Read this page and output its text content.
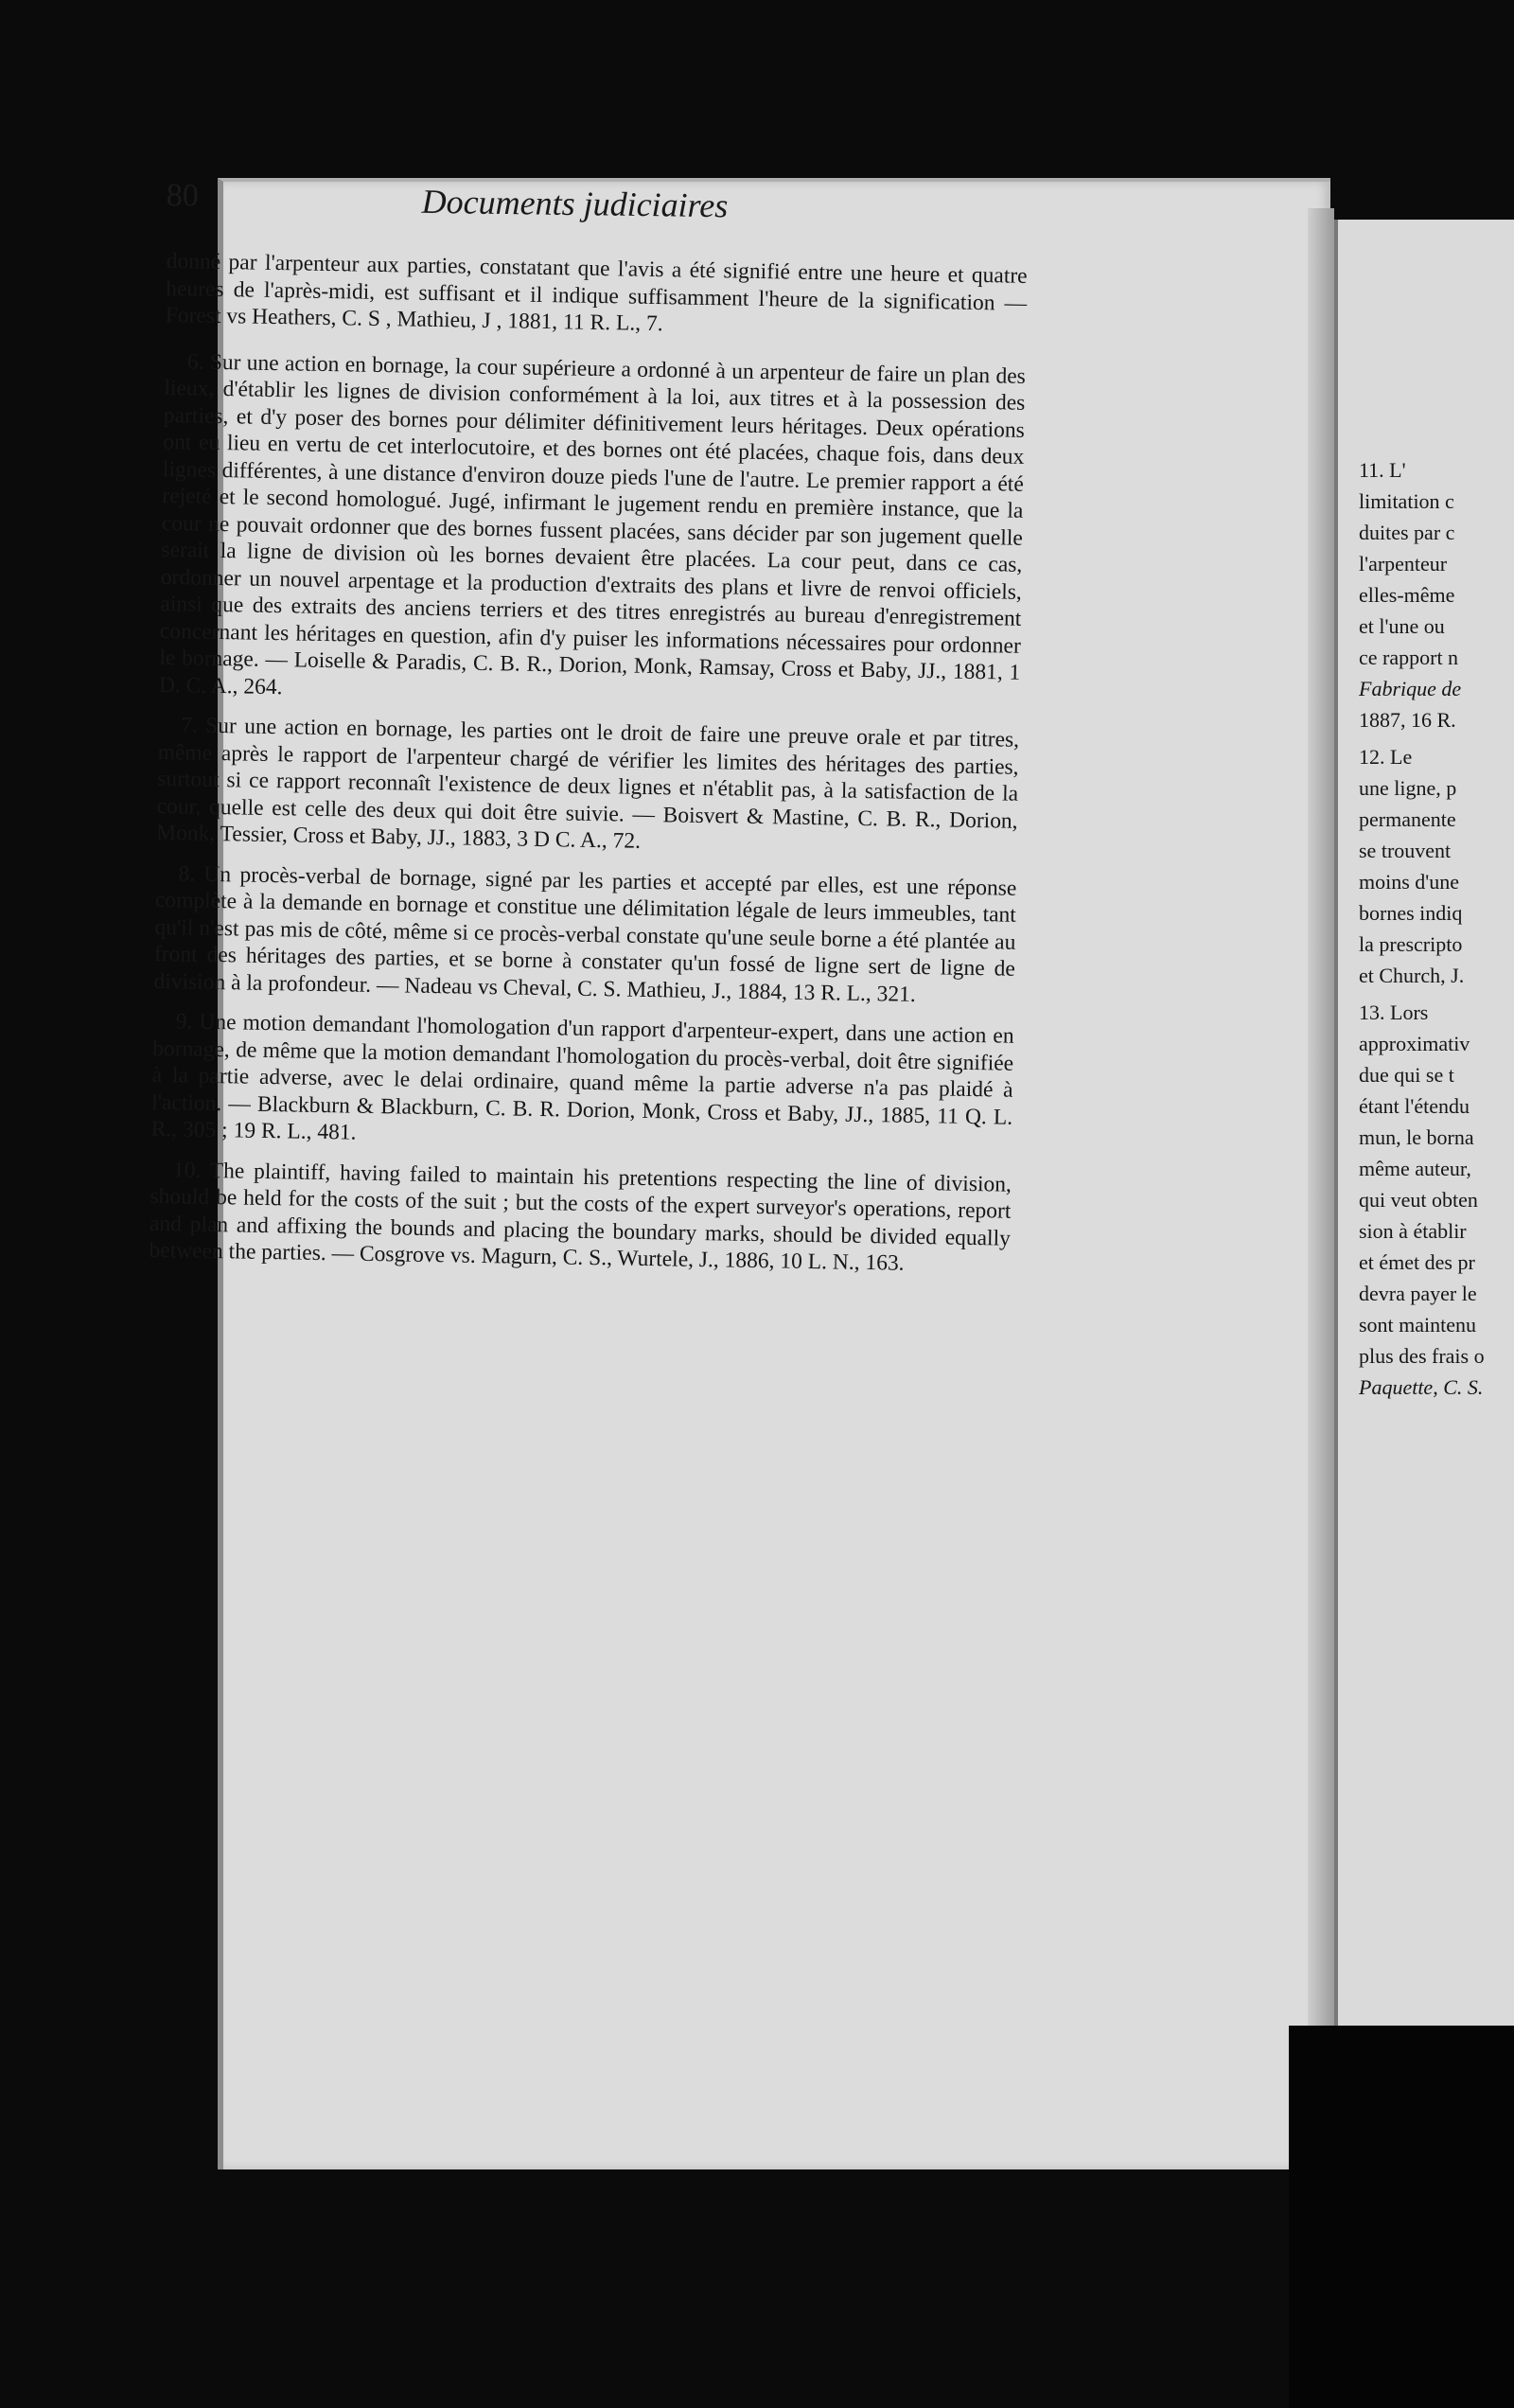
80	Documents judiciaires

donné par l'arpenteur aux parties, constatant que l'avis a été signifié entre une heure et quatre heures de l'après-midi, est suffisant et il indique suffisamment l'heure de la signification — Forest vs Heathers, C. S , Mathieu, J , 1881, 11 R. L., 7.

6. Sur une action en bornage, la cour supérieure a ordonné à un arpenteur de faire un plan des lieux, d'établir les lignes de division conformément à la loi, aux titres et à la possession des parties, et d'y poser des bornes pour délimiter définitivement leurs héritages. Deux opérations ont eu lieu en vertu de cet interlocutoire, et des bornes ont été placées, chaque fois, dans deux lignes différentes, à une distance d'environ douze pieds l'une de l'autre. Le premier rapport a été rejeté et le second homologué. Jugé, infirmant le jugement rendu en première instance, que la cour ne pouvait ordonner que des bornes fussent placées, sans décider par son jugement quelle serait la ligne de division où les bornes devaient être placées. La cour peut, dans ce cas, ordonner un nouvel arpentage et la production d'extraits des plans et livre de renvoi officiels, ainsi que des extraits des anciens terriers et des titres enregistrés au bureau d'enregistrement concernant les héritages en question, afin d'y puiser les informations nécessaires pour ordonner le bornage. — Loiselle & Paradis, C. B. R., Dorion, Monk, Ramsay, Cross et Baby, JJ., 1881, 1 D. C. A., 264.

7. Sur une action en bornage, les parties ont le droit de faire une preuve orale et par titres, même après le rapport de l'arpenteur chargé de vérifier les limites des héritages des parties, surtout si ce rapport reconnaît l'existence de deux lignes et n'établit pas, à la satisfaction de la cour, quelle est celle des deux qui doit être suivie. — Boisvert & Mastine, C. B. R., Dorion, Monk, Tessier, Cross et Baby, JJ., 1883, 3 D C. A., 72.

8. Un procès-verbal de bornage, signé par les parties et accepté par elles, est une réponse complète à la demande en bornage et constitue une délimitation légale de leurs immeubles, tant qu'il n'est pas mis de côté, même si ce procès-verbal constate qu'une seule borne a été plantée au front des héritages des parties, et se borne à constater qu'un fossé de ligne sert de ligne de division à la profondeur. — Nadeau vs Cheval, C. S. Mathieu, J., 1884, 13 R. L., 321.

9. Une motion demandant l'homologation d'un rapport d'arpenteur-expert, dans une action en bornage, de même que la motion demandant l'homologation du procès-verbal, doit être signifiée à la partie adverse, avec le delai ordinaire, quand même la partie adverse n'a pas plaidé à l'action. — Blackburn & Blackburn, C. B. R. Dorion, Monk, Cross et Baby, JJ., 1885, 11 Q. L. R., 305 ; 19 R. L., 481.

10. The plaintiff, having failed to maintain his pretentions respecting the line of division, should be held for the costs of the suit ; but the costs of the expert surveyor's operations, report and plan and affixing the bounds and placing the boundary marks, should be divided equally between the parties. — Cosgrove vs. Magurn, C. S., Wurtele, J., 1886, 10 L. N., 163.

11. L'
limitation c
duites par c
l'arpenteur
elles-même
et l'une ou
ce rapport n
Fabrique de
1887, 16 R.
12. Le
une ligne, p
permanente
se trouvent
moins d'une
bornes indiq
la prescripto
et Church, J.
13. Lors
approximativ
due qui se t
étant l'étendu
mun, le borna
même auteur,
qui veut obten
sion à établir
et émet des pr
devra payer le
sont maintenu
plus des frais o
Paquette, C. S.
